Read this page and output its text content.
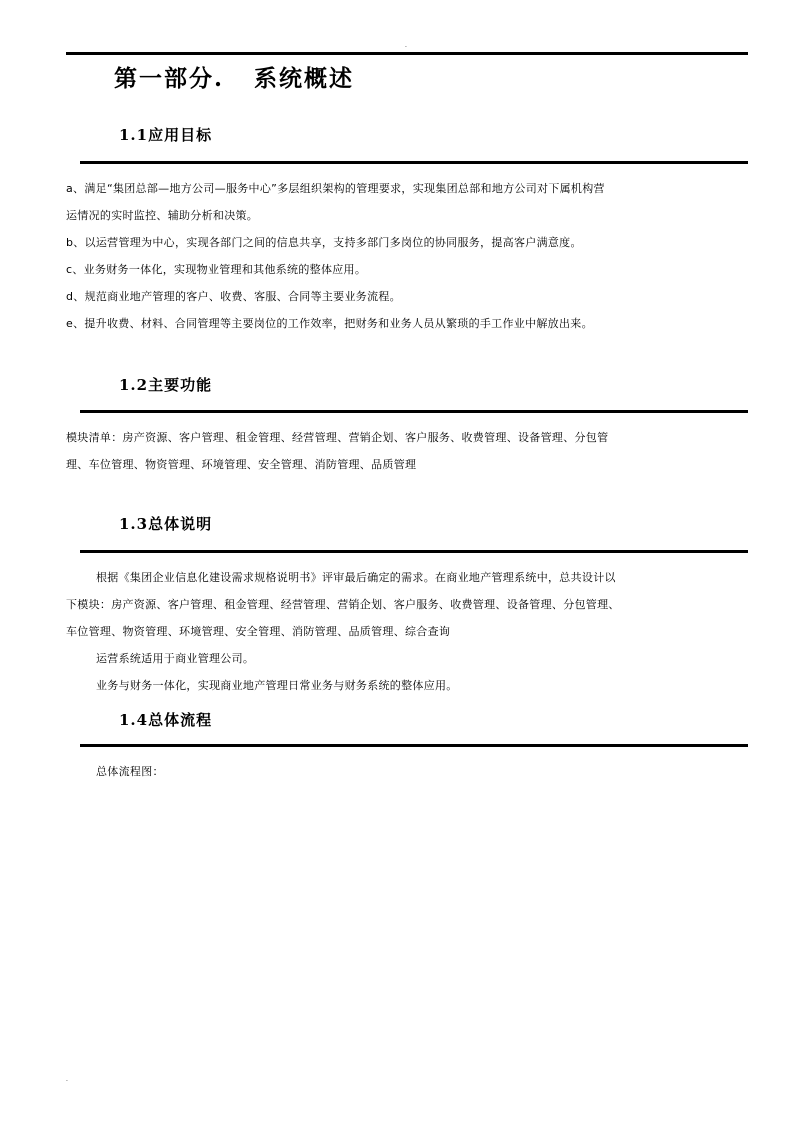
.
第一部分.   系统概述
1.1应用目标
a、满足“集团总部—地方公司—服务中心”多层组织架构的管理要求，实现集团总部和地方公司对下属机构营
运情况的实时监控、辅助分析和决策。
b、以运营管理为中心，实现各部门之间的信息共享，支持多部门多岗位的协同服务，提高客户满意度。
c、业务财务一体化，实现物业管理和其他系统的整体应用。
d、规范商业地产管理的客户、收费、客服、合同等主要业务流程。
e、提升收费、材料、合同管理等主要岗位的工作效率，把财务和业务人员从繁琐的手工作业中解放出来。
1.2主要功能
模块清单：房产资源、客户管理、租金管理、经营管理、营销企划、客户服务、收费管理、设备管理、分包管
理、车位管理、物资管理、环境管理、安全管理、消防管理、品质管理
1.3总体说明
根据《集团企业信息化建设需求规格说明书》评审最后确定的需求。在商业地产管理系统中，总共设计以
下模块：房产资源、客户管理、租金管理、经营管理、营销企划、客户服务、收费管理、设备管理、分包管理、
车位管理、物资管理、环境管理、安全管理、消防管理、品质管理、综合查询
运营系统适用于商业管理公司。
业务与财务一体化，实现商业地产管理日常业务与财务系统的整体应用。
1.4总体流程
总体流程图：
.
